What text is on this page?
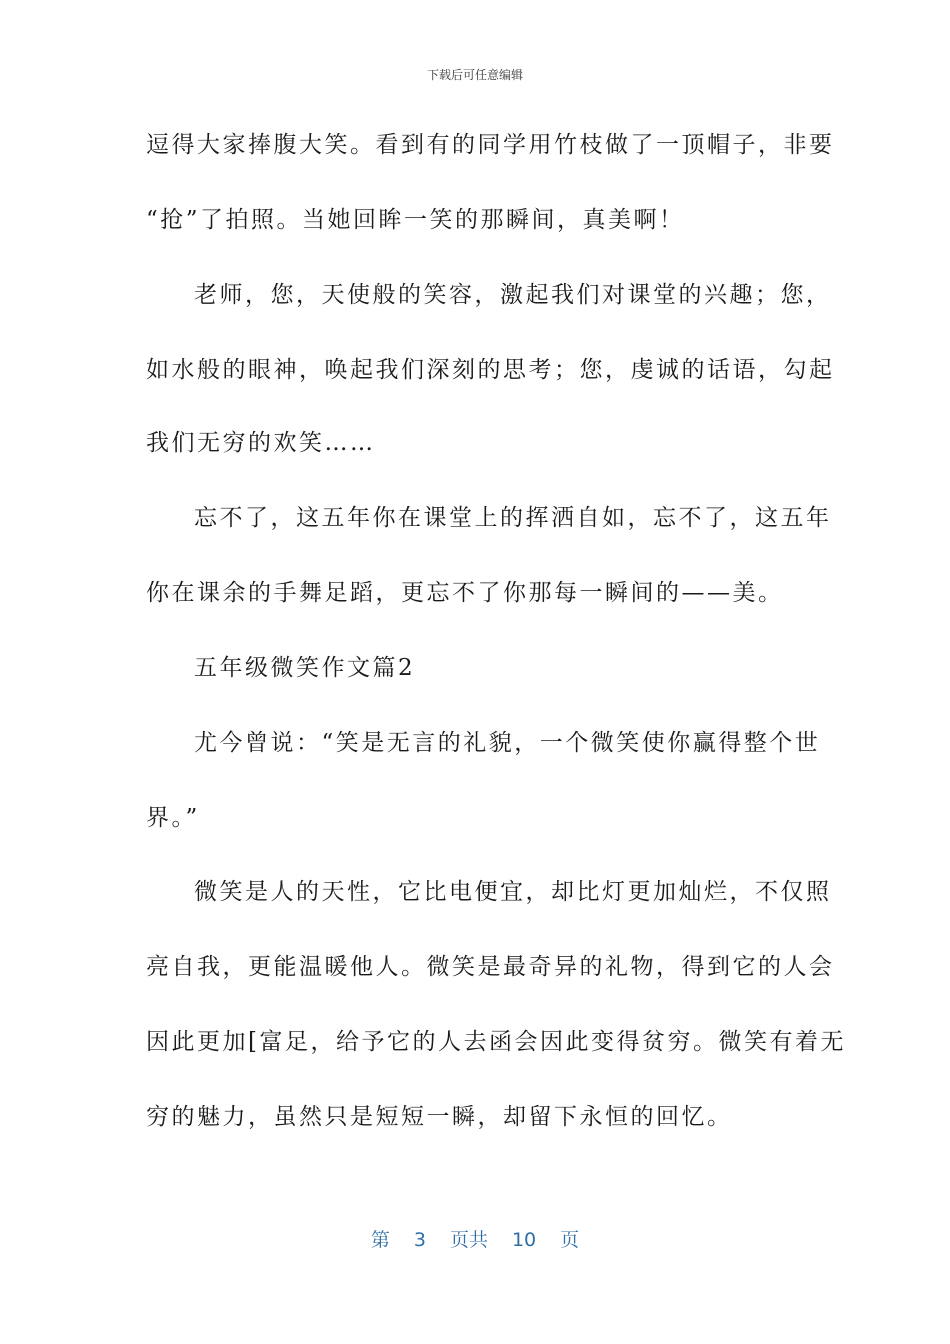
下载后可任意编辑
逗得大家捧腹大笑。看到有的同学用竹枝做了一顶帽子，非要
“抢”了拍照。当她回眸一笑的那瞬间，真美啊！
老师，您，天使般的笑容，激起我们对课堂的兴趣；您，
如水般的眼神，唤起我们深刻的思考；您，虔诚的话语，勾起
我们无穷的欢笑……
忘不了，这五年你在课堂上的挥洒自如，忘不了，这五年
你在课余的手舞足蹈，更忘不了你那每一瞬间的——美。
五年级微笑作文篇2
尤今曾说：“笑是无言的礼貌，一个微笑使你赢得整个世
界。”
微笑是人的天性，它比电便宜，却比灯更加灿烂，不仅照
亮自我，更能温暖他人。微笑是最奇异的礼物，得到它的人会
因此更加[富足，给予它的人去函会因此变得贫穷。微笑有着无
穷的魅力，虽然只是短短一瞬，却留下永恒的回忆。
第 3 页共 10 页
